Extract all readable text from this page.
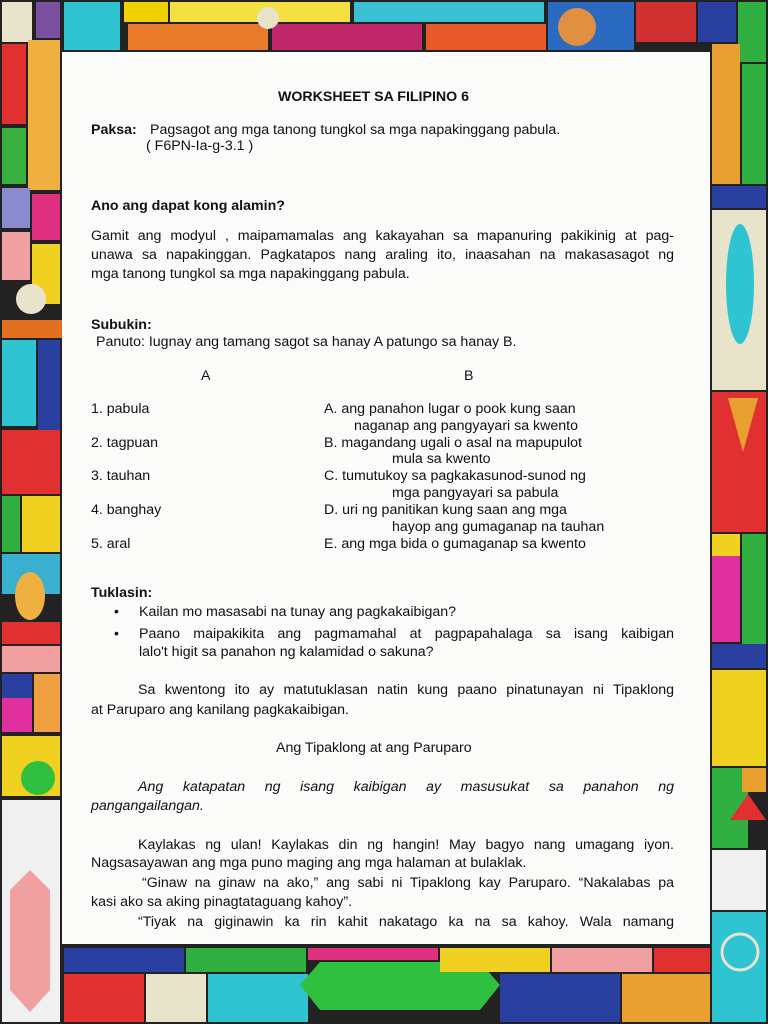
WORKSHEET SA FILIPINO 6
Paksa: Pagsagot ang mga tanong tungkol sa mga napakinggang pabula.
( F6PN-Ia-g-3.1 )
Ano ang dapat kong alamin?
Gamit ang modyul , maipamamalas ang kakayahan sa mapanuring pakikinig at pag-
unawa sa napakinggan. Pagkatapos nang araling ito, inaasahan na makasasagot ng
mga tanong tungkol sa mga napakinggang pabula.
Subukin:
Panuto: Iugnay ang tamang sagot sa hanay A patungo sa hanay B.
A	B
1. pabula
2. tagpuan
3. tauhan
4. banghay
5. aral
A. ang panahon lugar o pook kung saan
naganap ang pangyayari sa kwento
B. magandang ugali o asal na mapupulot
mula sa kwento
C. tumutukoy sa pagkakasunod-sunod ng
mga pangyayari sa pabula
D. uri ng panitikan kung saan ang mga
hayop ang gumaganap na tauhan
E. ang mga bida o gumaganap sa kwento
Tuklasin:
• Kailan mo masasabi na tunay ang pagkakaibigan?
• Paano maipakikita ang pagmamahal at pagpapahalaga sa isang kaibigan
lalo't higit sa panahon ng kalamidad o sakuna?
Sa kwentong ito ay matutuklasan natin kung paano pinatunayan ni Tipaklong
at Paruparo ang kanilang pagkakaibigan.
Ang Tipaklong at ang Paruparo
Ang katapatan ng isang kaibigan ay masusukat sa panahon ng
pangangailangan.
Kaylakas ng ulan! Kaylakas din ng hangin! May bagyo nang umagang iyon.
Nagsasayawan ang mga puno maging ang mga halaman at bulaklak.
“Ginaw na ginaw na ako,” ang sabi ni Tipaklong kay Paruparo. “Nakalabas pa
kasi ako sa aking pinagtataguang kahoy”.
“Tiyak na giginawin ka rin kahit nakatago ka na sa kahoy. Wala namang
